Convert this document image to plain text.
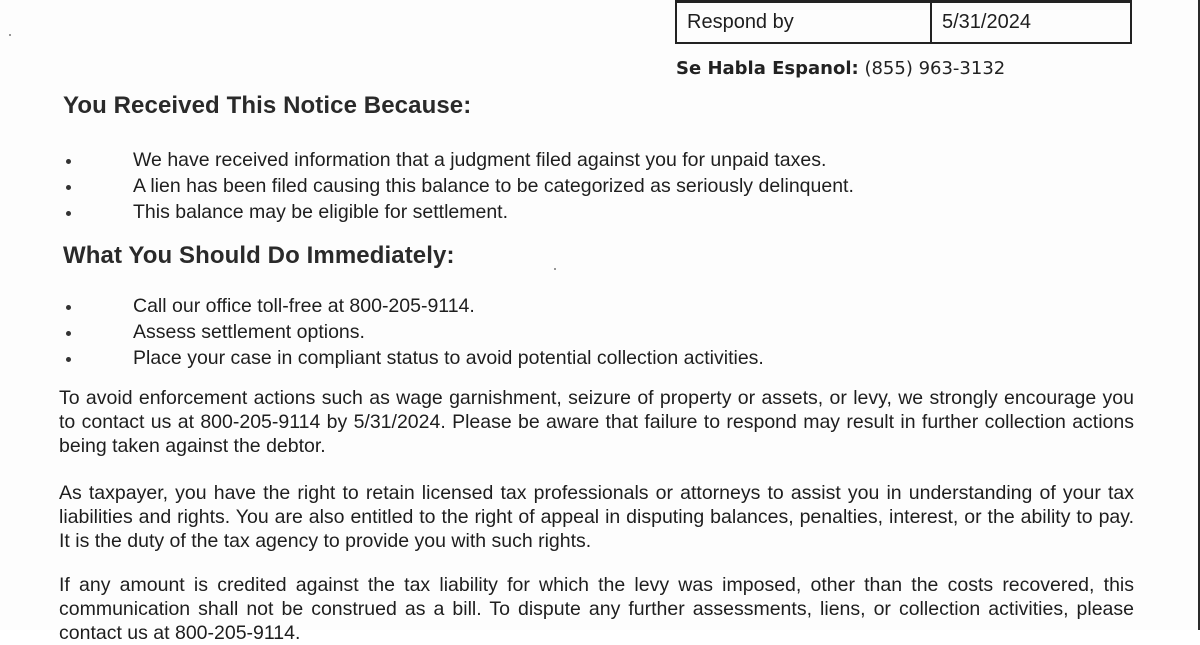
Respond by	5/31/2024
Se Habla Espanol: (855) 963-3132
You Received This Notice Because:
We have received information that a judgment filed against you for unpaid taxes.
A lien has been filed causing this balance to be categorized as seriously delinquent.
This balance may be eligible for settlement.
What You Should Do Immediately:
Call our office toll-free at 800-205-9114.
Assess settlement options.
Place your case in compliant status to avoid potential collection activities.

To avoid enforcement actions such as wage garnishment, seizure of property or assets, or levy, we strongly encourage you to contact us at 800-205-9114 by 5/31/2024. Please be aware that failure to respond may result in further collection actions being taken against the debtor.

As taxpayer, you have the right to retain licensed tax professionals or attorneys to assist you in understanding of your tax liabilities and rights. You are also entitled to the right of appeal in disputing balances, penalties, interest, or the ability to pay. It is the duty of the tax agency to provide you with such rights.

If any amount is credited against the tax liability for which the levy was imposed, other than the costs recovered, this communication shall not be construed as a bill. To dispute any further assessments, liens, or collection activities, please contact us at 800-205-9114.
